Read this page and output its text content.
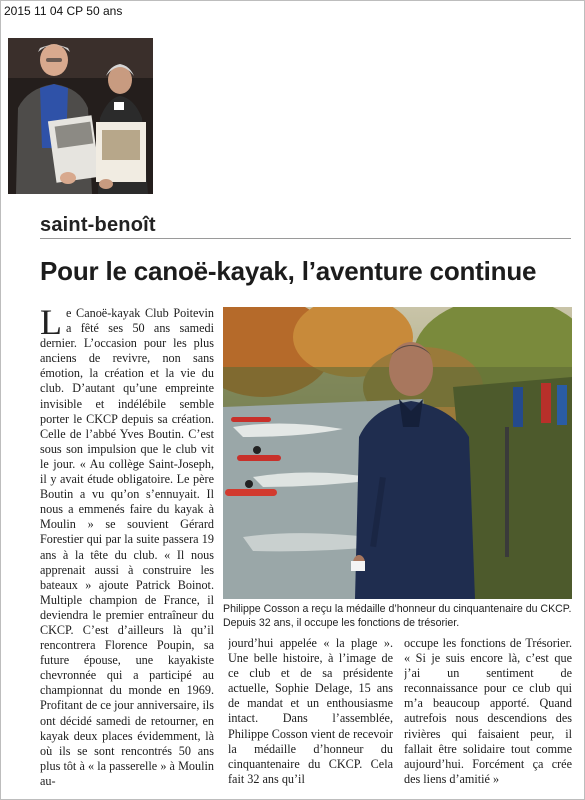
2015 11 04 CP 50 ans
saint-benoît
Pour le canoë-kayak, l’aventure continue
L e Canoë-kayak Club Poitevin a fêté ses 50 ans samedi dernier. L’occasion pour les plus anciens de revivre, non sans émotion, la création et la vie du club. D’autant qu’une empreinte invisible et indélébile semble porter le CKCP depuis sa création. Celle de l’abbé Yves Boutin. C’est sous son impulsion que le club vit le jour. « Au collège Saint-Joseph, il y avait étude obligatoire. Le père Boutin a vu qu’on s’ennuyait. Il nous a emmenés faire du kayak à Moulin » se souvient Gérard Forestier qui par la suite passera 19 ans à la tête du club. « Il nous apprenait aussi à construire les bateaux » ajoute Patrick Boinot. Multiple champion de France, il deviendra le premier entraîneur du CKCP. C’est d’ailleurs là qu’il rencontrera Florence Poupin, sa future épouse, une kayakiste chevronnée qui a participé au championnat du monde en 1969. Profitant de ce jour anniversaire, ils ont décidé samedi de retourner, en kayak deux places évidemment, là où ils se sont rencontrés 50 ans plus tôt à « la passerelle » à Moulin au-
Philippe Cosson a reçu la médaille d’honneur du cinquantenaire du CKCP. Depuis 32 ans, il occupe les fonctions de trésorier.
jourd’hui appelée « la plage ». Une belle histoire, à l’image de ce club et de sa présidente actuelle, Sophie Delage, 15 ans de mandat et un enthousiasme intact. Dans l’assemblée, Philippe Cosson vient de recevoir la médaille d’honneur du cinquantenaire du CKCP. Cela fait 32 ans qu’il
occupe les fonctions de Trésorier. « Si je suis encore là, c’est que j’ai un sentiment de reconnaissance pour ce club qui m’a beaucoup apporté. Quand autrefois nous descendions des rivières qui faisaient peur, il fallait être solidaire tout comme aujourd’hui. Forcément ça crée des liens d’amitié »
